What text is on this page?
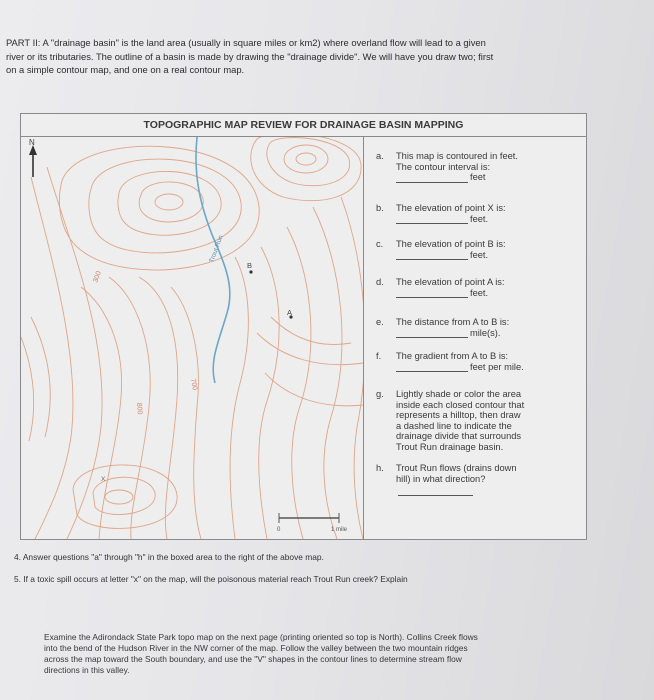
PART II: A "drainage basin" is the land area (usually in square miles or km2) where overland flow will lead to a given
river or its tributaries. The outline of a basin is made by drawing the "drainage divide". We will have you draw two; first
on a simple contour map, and one on a real contour map.
TOPOGRAPHIC MAP REVIEW FOR DRAINAGE BASIN MAPPING
N
Trout Run
300
700
800
B
A
X
0	1 mile
a. This map is contoured in feet.
The contour interval is:
feet
b. The elevation of point X is:
feet.
c. The elevation of point B is:
feet.
d. The elevation of point A is:
feet.
e. The distance from A to B is:
mile(s).
f. The gradient from A to B is:
feet per mile.
g. Lightly shade or color the area
inside each closed contour that
represents a hilltop, then draw
a dashed line to indicate the
drainage divide that surrounds
Trout Run drainage basin.
h. Trout Run flows (drains down
hill) in what direction?
4. Answer questions "a" through "h" in the boxed area to the right of the above map.
5. If a toxic spill occurs at letter "x" on the map, will the poisonous material reach Trout Run creek? Explain
Examine the Adirondack State Park topo map on the next page (printing oriented so top is North). Collins Creek flows
into the bend of the Hudson River in the NW corner of the map. Follow the valley between the two mountain ridges
across the map toward the South boundary, and use the "V" shapes in the contour lines to determine stream flow
directions in this valley.
